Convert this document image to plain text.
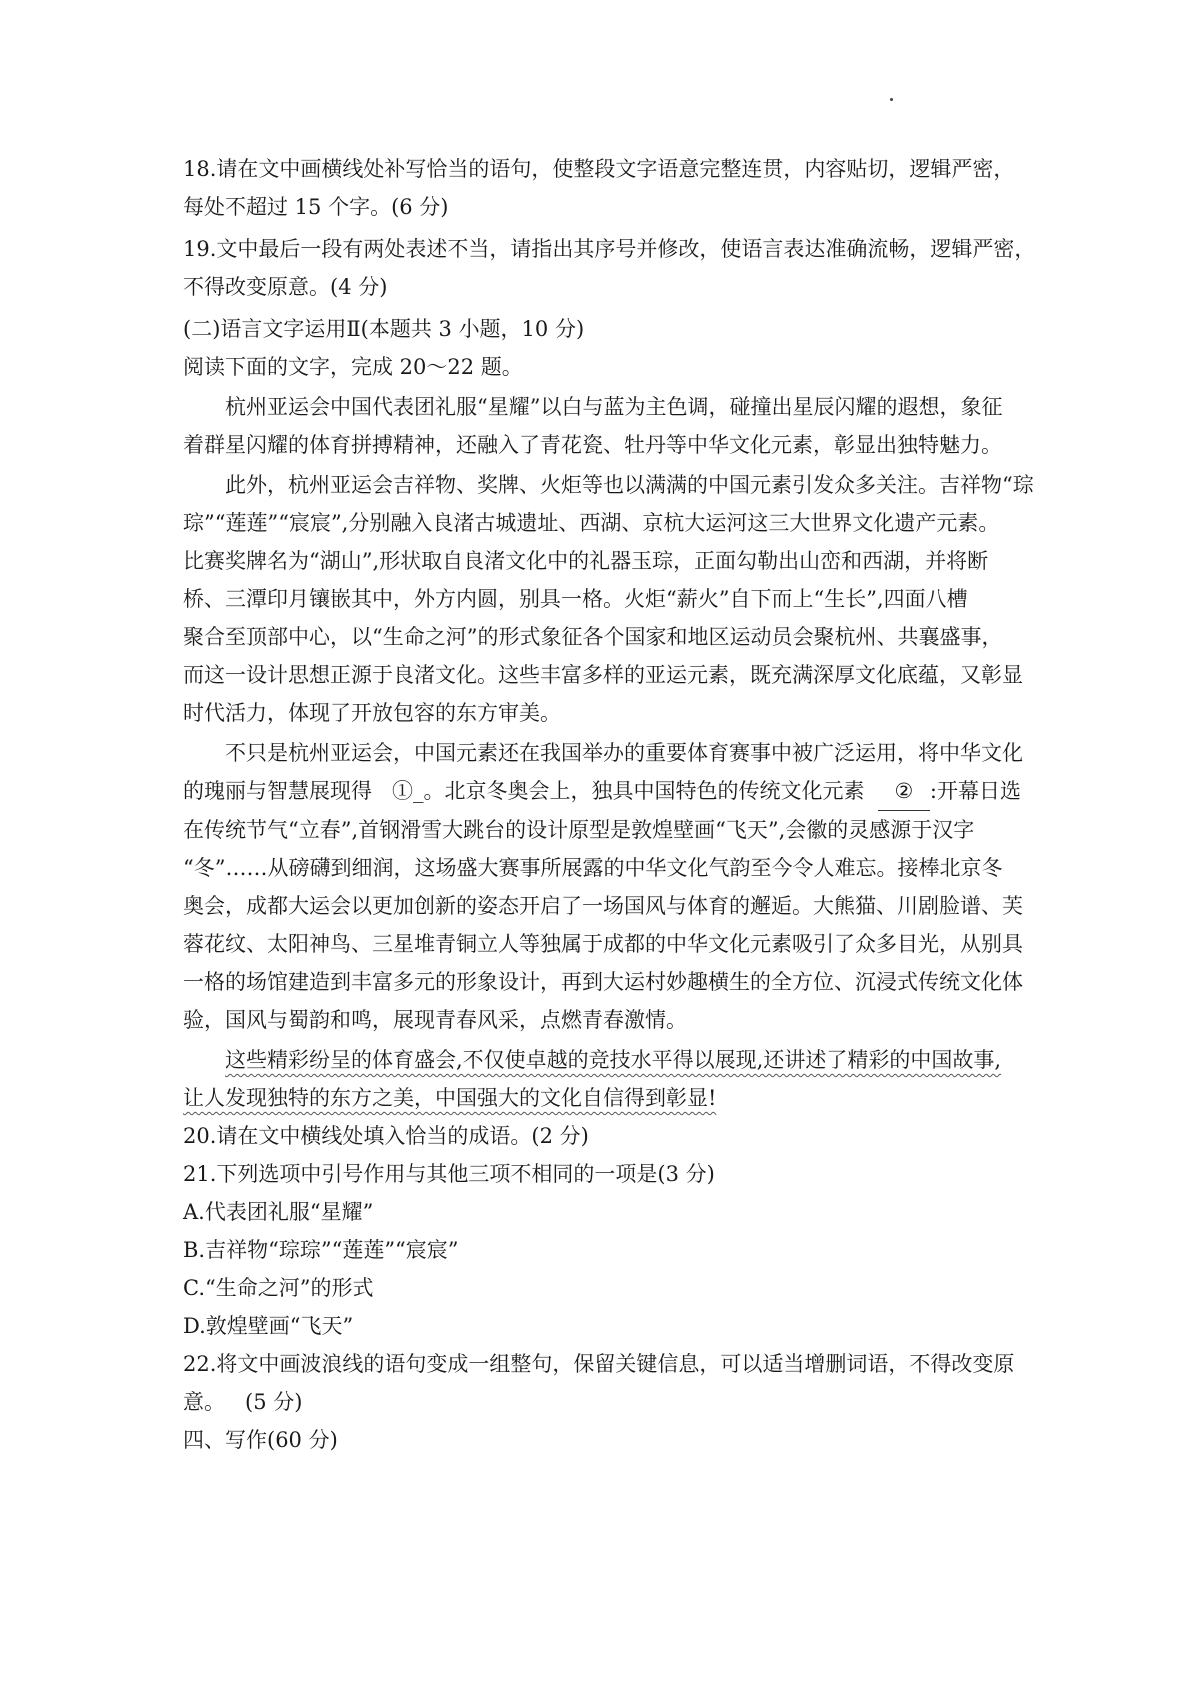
18.请在文中画横线处补写恰当的语句，使整段文字语意完整连贯，内容贴切，逻辑严密，
每处不超过 15 个字。(6 分)
19.文中最后一段有两处表述不当，请指出其序号并修改，使语言表达准确流畅，逻辑严密，
不得改变原意。(4 分)
(二)语言文字运用Ⅱ(本题共 3 小题，10 分)
阅读下面的文字，完成 20～22 题。
杭州亚运会中国代表团礼服“星耀”以白与蓝为主色调，碰撞出星辰闪耀的遐想，象征
着群星闪耀的体育拼搏精神，还融入了青花瓷、牡丹等中华文化元素，彰显出独特魅力。
此外，杭州亚运会吉祥物、奖牌、火炬等也以满满的中国元素引发众多关注。吉祥物“琮
琮”“莲莲”“宸宸”,分别融入良渚古城遗址、西湖、京杭大运河这三大世界文化遗产元素。
比赛奖牌名为“湖山”,形状取自良渚文化中的礼器玉琮，正面勾勒出山峦和西湖，并将断
桥、三潭印月镶嵌其中，外方内圆，别具一格。火炬“薪火”自下而上“生长”,四面八槽
聚合至顶部中心，以“生命之河”的形式象征各个国家和地区运动员会聚杭州、共襄盛事，
而这一设计思想正源于良渚文化。这些丰富多样的亚运元素，既充满深厚文化底蕴，又彰显
时代活力，体现了开放包容的东方审美。
不只是杭州亚运会，中国元素还在我国举办的重要体育赛事中被广泛运用，将中华文化
的瑰丽与智慧展现得 ①_。北京冬奥会上，独具中国特色的传统文化元素 ② :开幕日选
在传统节气“立春”,首钢滑雪大跳台的设计原型是敦煌壁画“飞天”,会徽的灵感源于汉字
“冬”……从磅礴到细润，这场盛大赛事所展露的中华文化气韵至今令人难忘。接棒北京冬
奥会，成都大运会以更加创新的姿态开启了一场国风与体育的邂逅。大熊猫、川剧脸谱、芙
蓉花纹、太阳神鸟、三星堆青铜立人等独属于成都的中华文化元素吸引了众多目光，从别具
一格的场馆建造到丰富多元的形象设计，再到大运村妙趣横生的全方位、沉浸式传统文化体
验，国风与蜀韵和鸣，展现青春风采，点燃青春激情。
这些精彩纷呈的体育盛会,不仅使卓越的竞技水平得以展现,还讲述了精彩的中国故事,
让人发现独特的东方之美，中国强大的文化自信得到彰显!
20.请在文中横线处填入恰当的成语。(2 分)
21.下列选项中引号作用与其他三项不相同的一项是(3 分)
A.代表团礼服“星耀”
B.吉祥物“琮琮”“莲莲”“宸宸”
C.“生命之河”的形式
D.敦煌壁画“飞天”
22.将文中画波浪线的语句变成一组整句，保留关键信息，可以适当增删词语，不得改变原
意。   (5 分)
四、写作(60 分)
